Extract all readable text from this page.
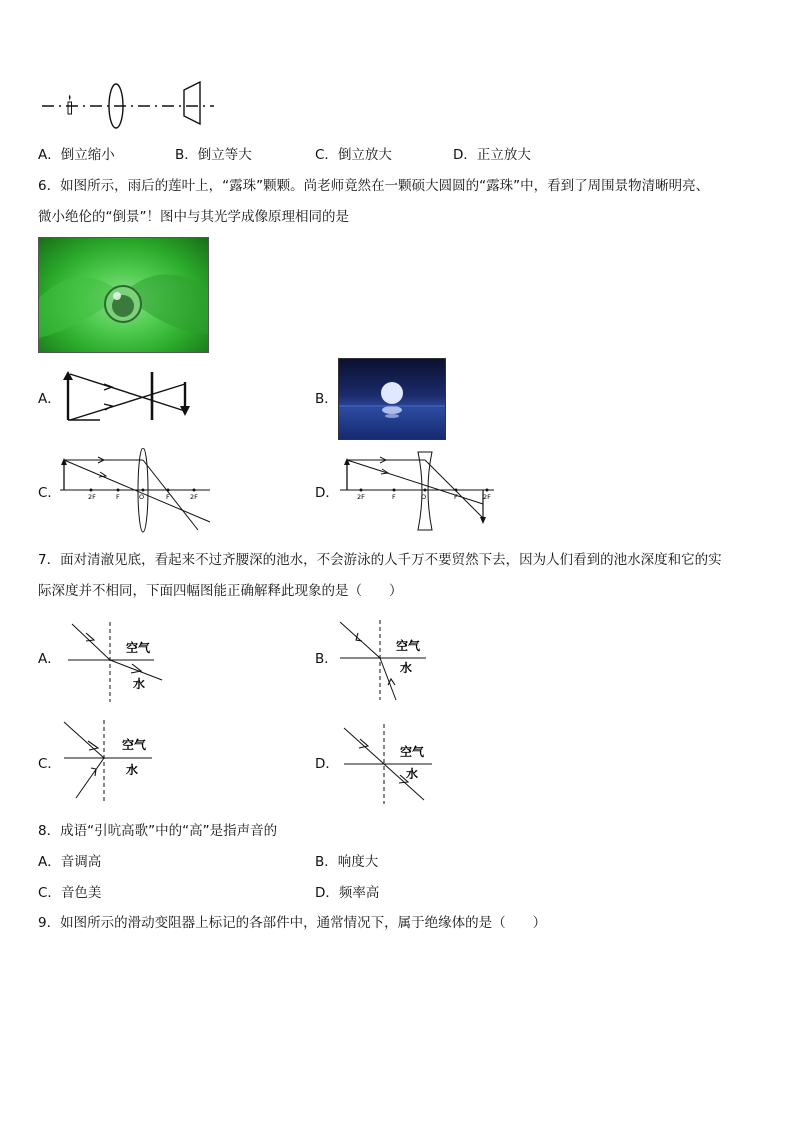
A．倒立缩小	B．倒立等大	C．倒立放大	D．正立放大
6．如图所示，雨后的莲叶上，“露珠”颗颗。尚老师竟然在一颗硕大圆圆的“露珠”中，看到了周围景物清晰明亮、
微小绝伦的“倒景”！图中与其光学成像原理相同的是
A．	B．
C．	2F	F	O	F	2F	D．	2F	F	O	F	2F
7．面对清澈见底，看起来不过齐腰深的池水，不会游泳的人千万不要贸然下去，因为人们看到的池水深度和它的实
际深度并不相同，下面四幅图能正确解释此现象的是（　　）
A．
空气
水
B．
空气
水
C．
空气
水	D．
空气
水
8．成语“引吭高歌”中的“高”是指声音的
A．音调高	B．响度大
C．音色美	D．频率高
9．如图所示的滑动变阻器上标记的各部件中，通常情况下，属于绝缘体的是（　　）
